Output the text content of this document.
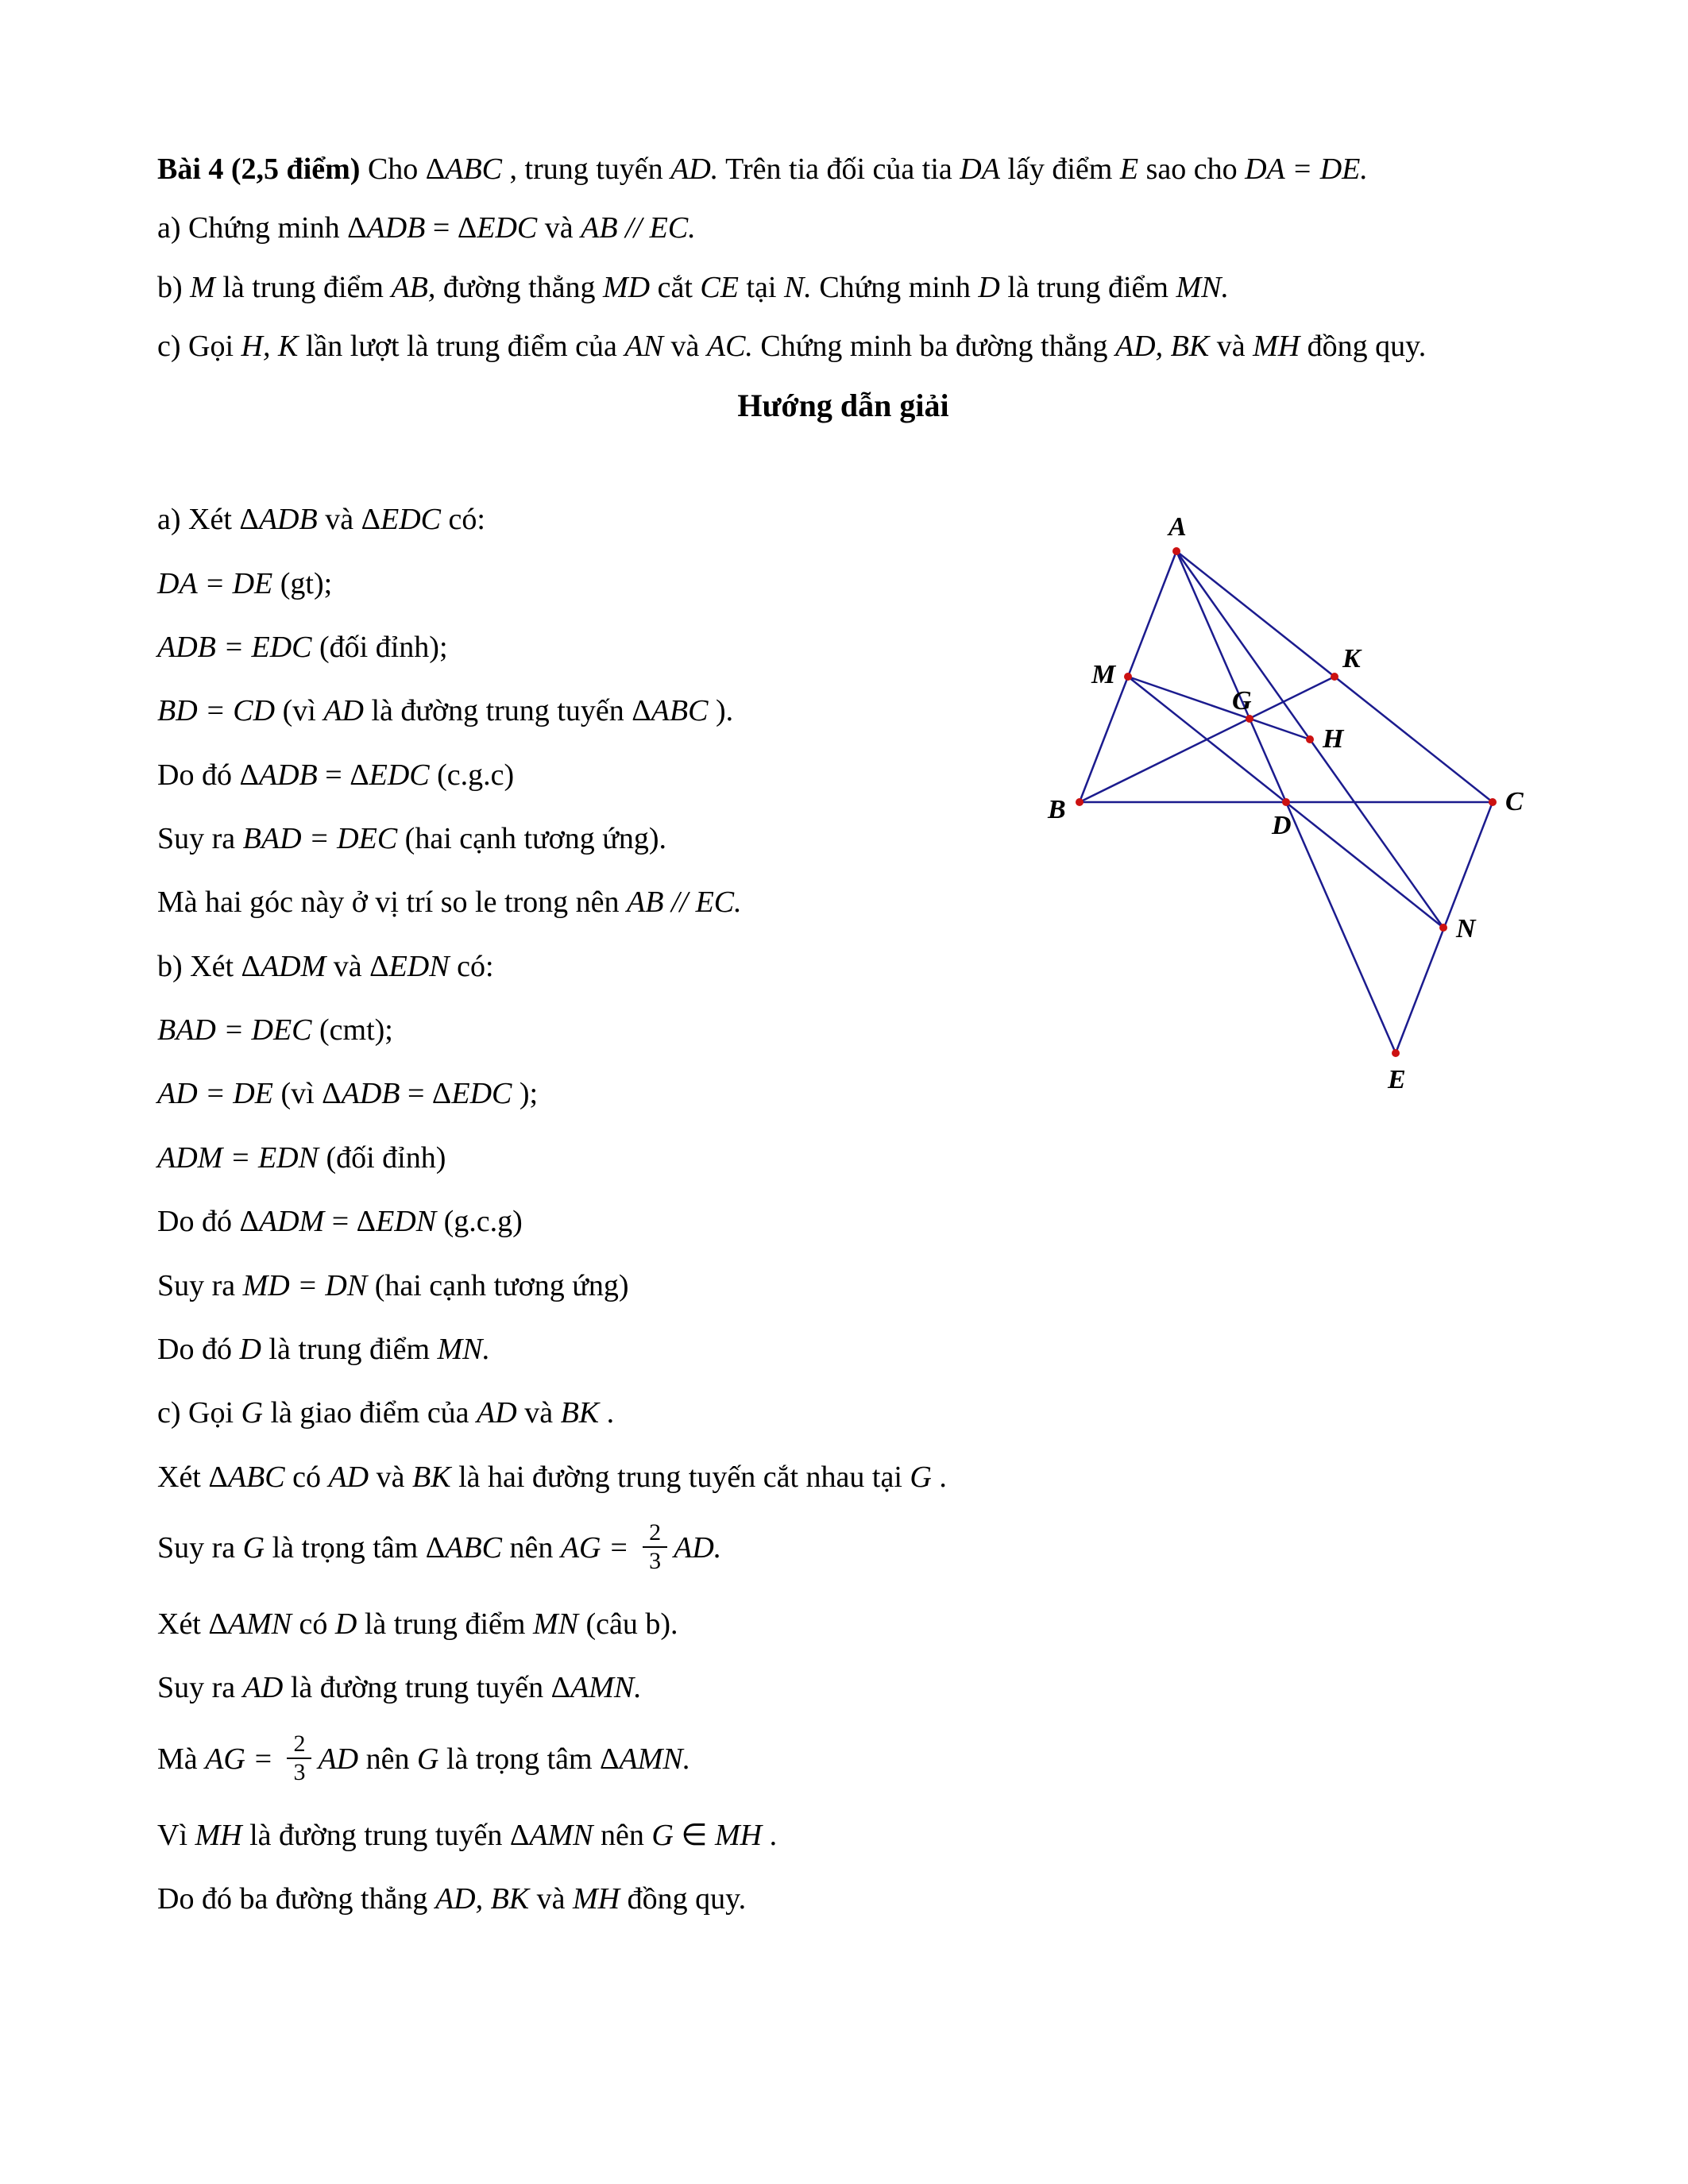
Bài 4 (2,5 điểm) Cho ΔABC , trung tuyến AD. Trên tia đối của tia DA lấy điểm E sao cho DA = DE.

a) Chứng minh ΔADB = ΔEDC và AB // EC.

b) M là trung điểm AB, đường thẳng MD cắt CE tại N. Chứng minh D là trung điểm MN.

c) Gọi H, K lần lượt là trung điểm của AN và AC. Chứng minh ba đường thẳng AD, BK và MH đồng quy.

Hướng dẫn giải

a) Xét ΔADB và ΔEDC có:

DA = DE (gt);

ADB = EDC (đối đỉnh);

BD = CD (vì AD là đường trung tuyến ΔABC ).

Do đó ΔADB = ΔEDC (c.g.c)

Suy ra BAD = DEC (hai cạnh tương ứng).

Mà hai góc này ở vị trí so le trong nên AB // EC.

b) Xét ΔADM và ΔEDN có:

BAD = DEC (cmt);

AD = DE (vì ΔADB = ΔEDC );

ADM = EDN (đối đỉnh)

Do đó ΔADM = ΔEDN (g.c.g)

Suy ra MD = DN (hai cạnh tương ứng)

Do đó D là trung điểm MN.

c) Gọi G là giao điểm của AD và BK .

Xét ΔABC có AD và BK là hai đường trung tuyến cắt nhau tại G .

Suy ra G là trọng tâm ΔABC nên AG = $\frac{2}{3}$ AD.

Xét ΔAMN có D là trung điểm MN (câu b).

Suy ra AD là đường trung tuyến ΔAMN.

Mà AG = $\frac{2}{3}$ AD nên G là trọng tâm ΔAMN.

Vì MH là đường trung tuyến ΔAMN nên G ∈ MH .

Do đó ba đường thẳng AD, BK và MH đồng quy.

A
B	C
D
E
M
K
G
H
N
